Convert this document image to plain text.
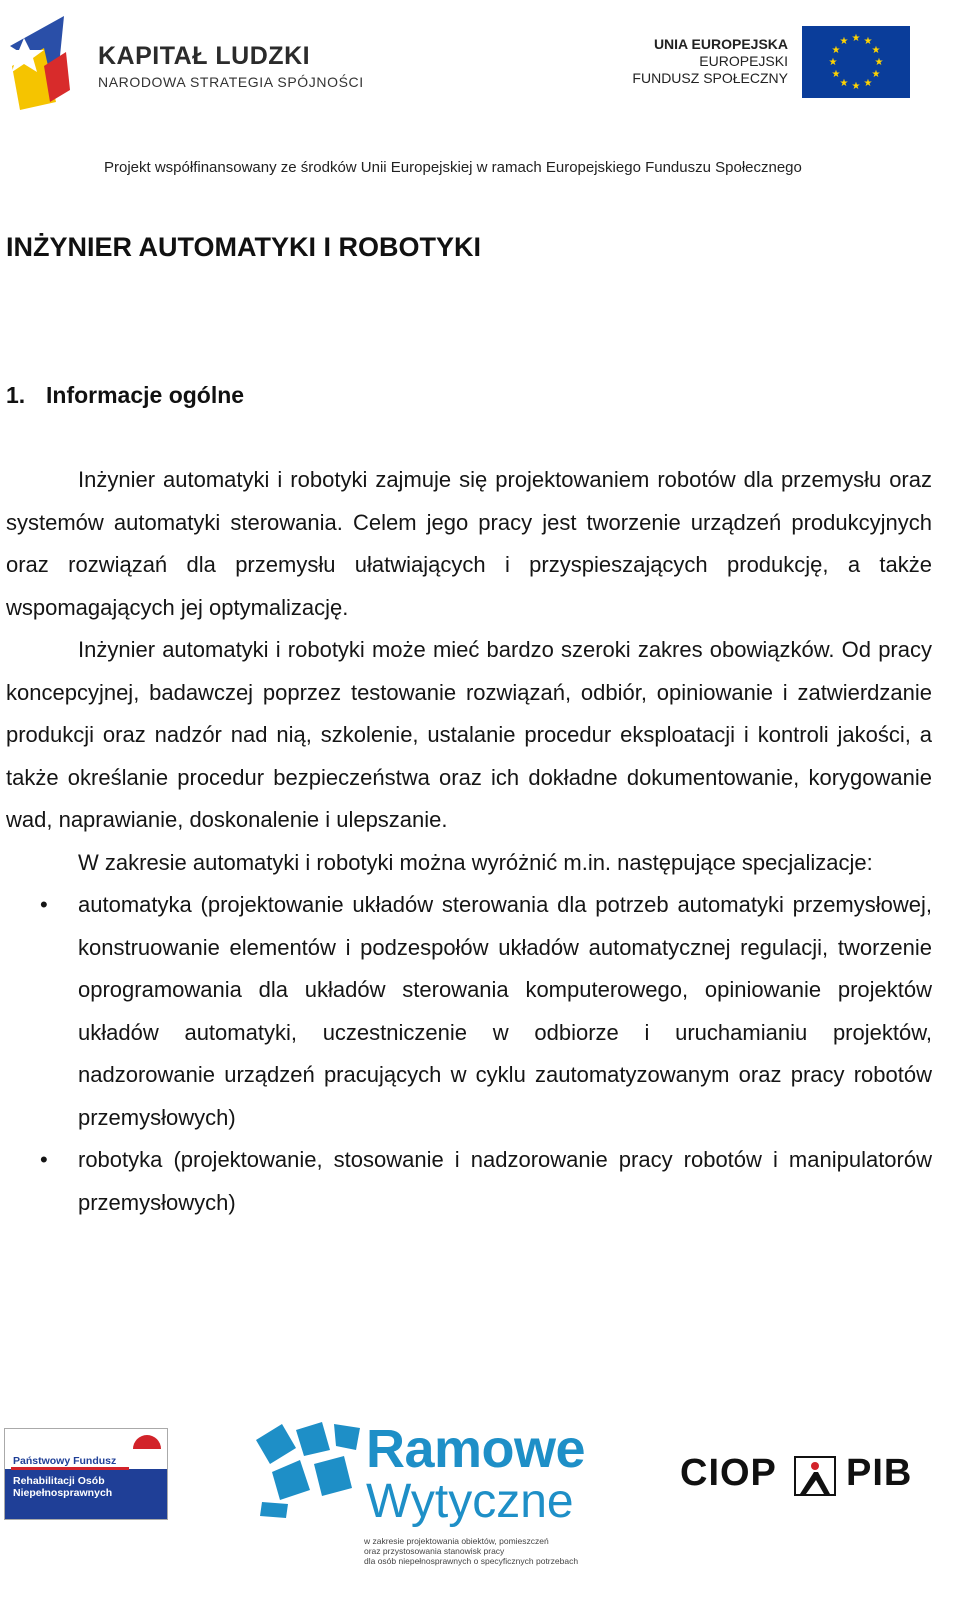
KAPITAŁ LUDZKI
NARODOWA STRATEGIA SPÓJNOŚCI
UNIA EUROPEJSKA
EUROPEJSKI
FUNDUSZ SPOŁECZNY
★ ★
★
★
★
★
★
★
★
★
★
★
Projekt współfinansowany ze środków Unii Europejskiej w ramach Europejskiego Funduszu Społecznego
INŻYNIER AUTOMATYKI I ROBOTYKI
1. Informacje ogólne

Inżynier automatyki i robotyki zajmuje się projektowaniem robotów dla przemysłu oraz systemów automatyki sterowania. Celem jego pracy jest tworzenie urządzeń produkcyjnych oraz rozwiązań dla przemysłu ułatwiających i przyspieszających produkcję, a także wspomagających jej optymalizację.

Inżynier automatyki i robotyki może mieć bardzo szeroki zakres obowiązków. Od pracy koncepcyjnej, badawczej poprzez testowanie rozwiązań, odbiór, opiniowanie i zatwierdzanie produkcji oraz nadzór nad nią, szkolenie, ustalanie procedur eksploatacji i kontroli jakości, a także określanie procedur bezpieczeństwa oraz ich dokładne dokumentowanie, korygowanie wad, naprawianie, doskonalenie i ulepszanie.

W zakresie automatyki i robotyki można wyróżnić m.in. następujące specjalizacje:

• automatyka (projektowanie układów sterowania dla potrzeb automatyki przemysłowej, konstruowanie elementów i podzespołów układów automatycznej regulacji, tworzenie oprogramowania dla układów sterowania komputerowego, opiniowanie projektów układów automatyki, uczestniczenie w odbiorze i uruchamianiu projektów, nadzorowanie urządzeń pracujących w cyklu zautomatyzowanym oraz pracy robotów przemysłowych)
• robotyka (projektowanie, stosowanie i nadzorowanie pracy robotów i manipulatorów przemysłowych)
Państwowy Fundusz
Rehabilitacji Osób
Niepełnosprawnych
Ramowe
Wytyczne
w zakresie projektowania obiektów, pomieszczeń
oraz przystosowania stanowisk pracy
dla osób niepełnosprawnych o specyficznych potrzebach
CIOP PIB
